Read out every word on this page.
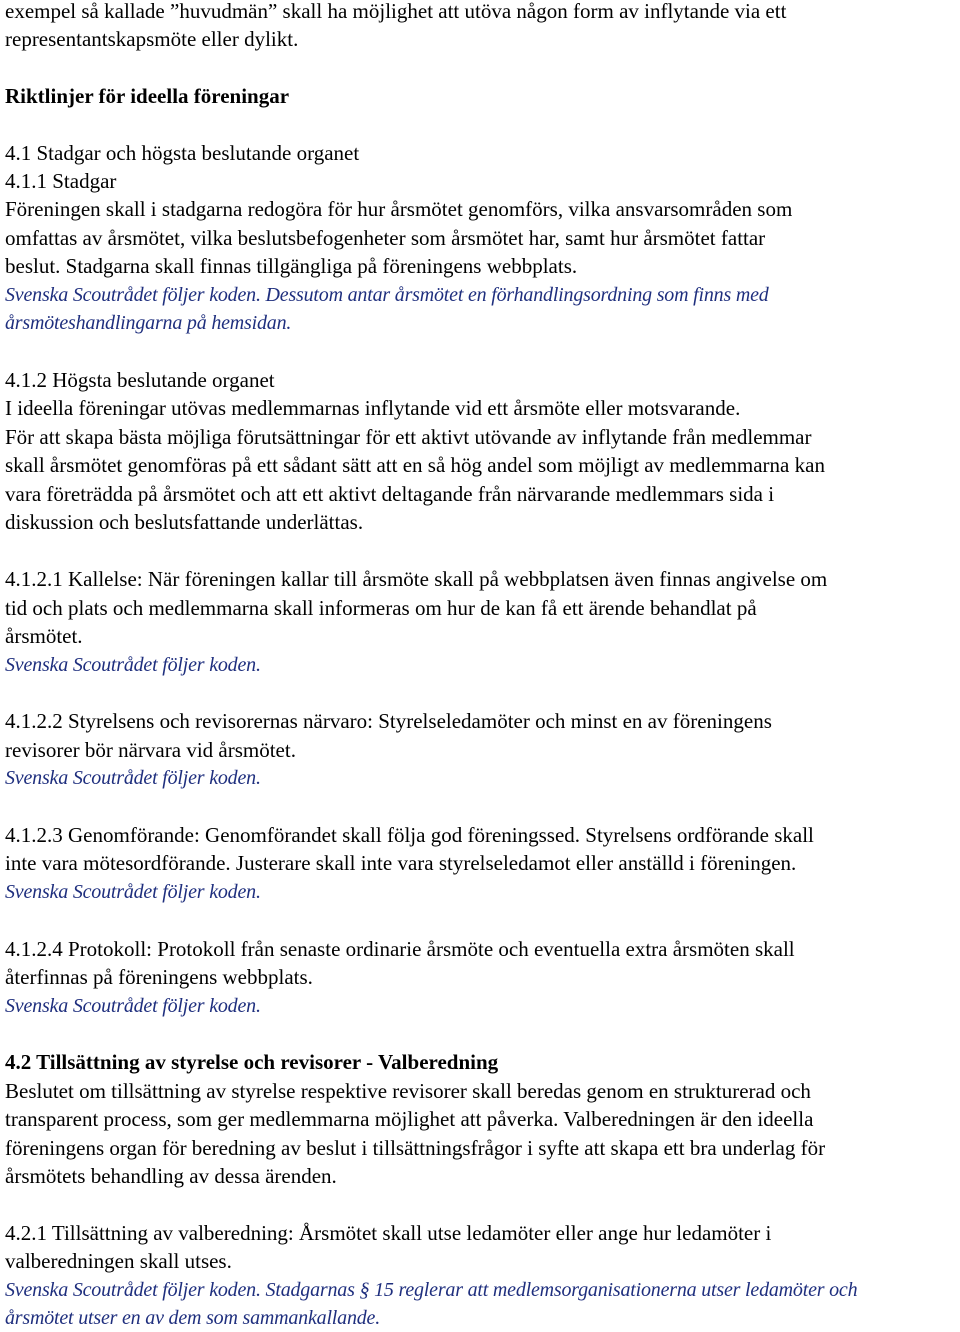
exempel så kallade ”huvudmän” skall ha möjlighet att utöva någon form av inflytande via ett
representantskapsmöte eller dylikt.
Riktlinjer för ideella föreningar
4.1 Stadgar och högsta beslutande organet
4.1.1 Stadgar
Föreningen skall i stadgarna redogöra för hur årsmötet genomförs, vilka ansvarsområden som
omfattas av årsmötet, vilka beslutsbefogenheter som årsmötet har, samt hur årsmötet fattar
beslut. Stadgarna skall finnas tillgängliga på föreningens webbplats.
Svenska Scoutrådet följer koden. Dessutom antar årsmötet en förhandlingsordning som finns med
årsmöteshandlingarna på hemsidan.
4.1.2 Högsta beslutande organet
I ideella föreningar utövas medlemmarnas inflytande vid ett årsmöte eller motsvarande.
För att skapa bästa möjliga förutsättningar för ett aktivt utövande av inflytande från medlemmar
skall årsmötet genomföras på ett sådant sätt att en så hög andel som möjligt av medlemmarna kan
vara företrädda på årsmötet och att ett aktivt deltagande från närvarande medlemmars sida i
diskussion och beslutsfattande underlättas.
4.1.2.1 Kallelse: När föreningen kallar till årsmöte skall på webbplatsen även finnas angivelse om
tid och plats och medlemmarna skall informeras om hur de kan få ett ärende behandlat på
årsmötet.
Svenska Scoutrådet följer koden.
4.1.2.2 Styrelsens och revisorernas närvaro: Styrelseledamöter och minst en av föreningens
revisorer bör närvara vid årsmötet.
Svenska Scoutrådet följer koden.
4.1.2.3 Genomförande: Genomförandet skall följa god föreningssed. Styrelsens ordförande skall
inte vara mötesordförande. Justerare skall inte vara styrelseledamot eller anställd i föreningen.
Svenska Scoutrådet följer koden.
4.1.2.4 Protokoll: Protokoll från senaste ordinarie årsmöte och eventuella extra årsmöten skall
återfinnas på föreningens webbplats.
Svenska Scoutrådet följer koden.
4.2 Tillsättning av styrelse och revisorer - Valberedning
Beslutet om tillsättning av styrelse respektive revisorer skall beredas genom en strukturerad och
transparent process, som ger medlemmarna möjlighet att påverka. Valberedningen är den ideella
föreningens organ för beredning av beslut i tillsättningsfrågor i syfte att skapa ett bra underlag för
årsmötets behandling av dessa ärenden.
4.2.1 Tillsättning av valberedning: Årsmötet skall utse ledamöter eller ange hur ledamöter i
valberedningen skall utses.
Svenska Scoutrådet följer koden. Stadgarnas § 15 reglerar att medlemsorganisationerna utser ledamöter och
årsmötet utser en av dem som sammankallande.
